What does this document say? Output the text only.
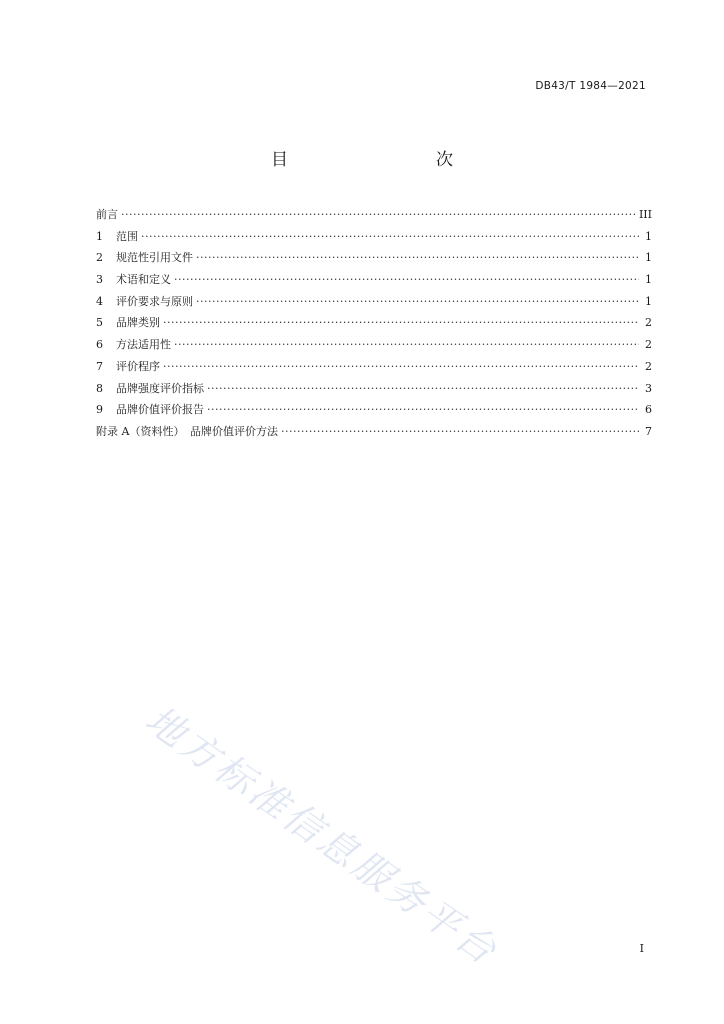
DB43/T 1984—2021
目　　次
前言 ·····	III
1	范围 ·····	1
2	规范性引用文件 ·····	1
3	术语和定义 ·····	1
4	评价要求与原则 ·····	1
5	品牌类别 ·····	2
6	方法适用性 ·····	2
7	评价程序 ·····	2
8	品牌强度评价指标 ·····	3
9	品牌价值评价报告 ·····	6
附录 A（资料性）　品牌价值评价方法 ·····	7
地方标准信息服务平台	I
